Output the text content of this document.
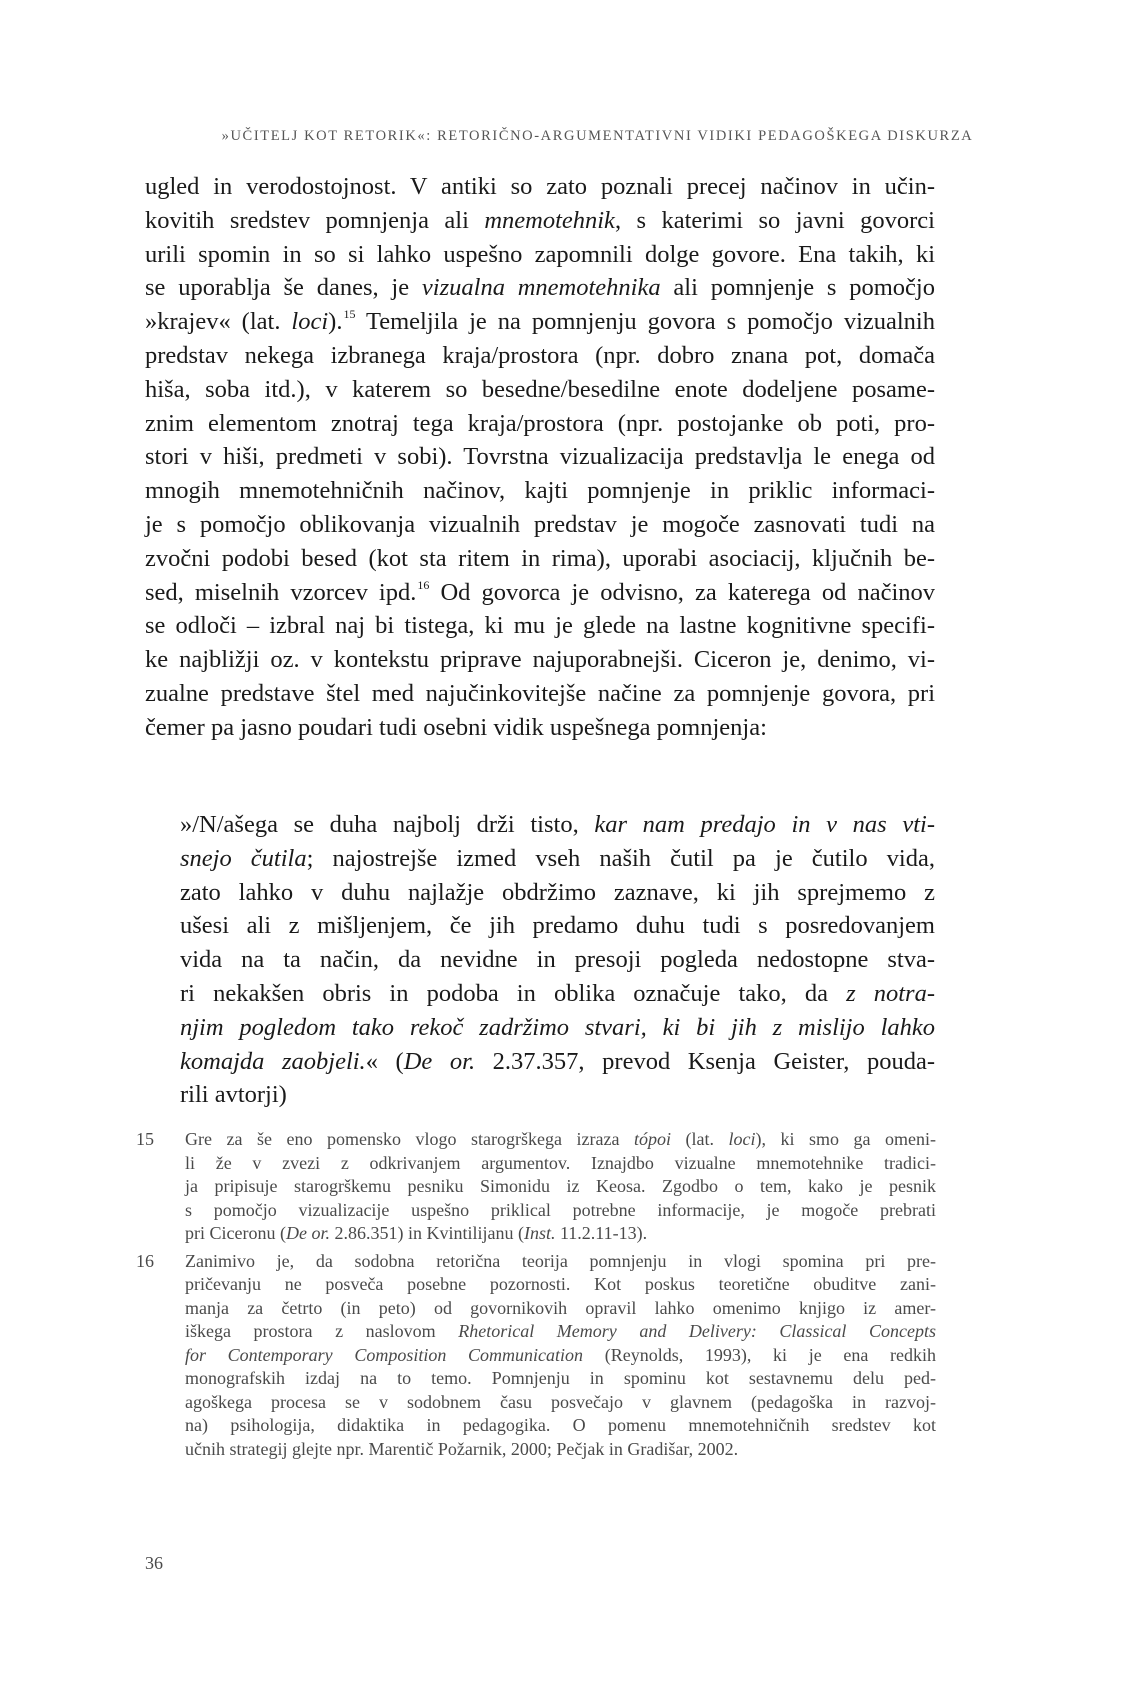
»UČITELJ KOT RETORIK«: RETORIČNO-ARGUMENTATIVNI VIDIKI PEDAGOŠKEGA DISKURZA
ugled in verodostojnost. V antiki so zato poznali precej načinov in učin-
kovitih sredstev pomnjenja ali mnemotehnik, s katerimi so javni govorci
urili spomin in so si lahko uspešno zapomnili dolge govore. Ena takih, ki
se uporablja še danes, je vizualna mnemotehnika ali pomnjenje s pomočjo
»krajev« (lat. loci).$^{15}$ Temeljila je na pomnjenju govora s pomočjo vizualnih
predstav nekega izbranega kraja/prostora (npr. dobro znana pot, domača
hiša, soba itd.), v katerem so besedne/besedilne enote dodeljene posame-
znim elementom znotraj tega kraja/prostora (npr. postojanke ob poti, pro-
stori v hiši, predmeti v sobi). Tovrstna vizualizacija predstavlja le enega od
mnogih mnemotehničnih načinov, kajti pomnjenje in priklic informaci-
je s pomočjo oblikovanja vizualnih predstav je mogoče zasnovati tudi na
zvočni podobi besed (kot sta ritem in rima), uporabi asociacij, ključnih be-
sed, miselnih vzorcev ipd.$^{16}$ Od govorca je odvisno, za katerega od načinov
se odloči – izbral naj bi tistega, ki mu je glede na lastne kognitivne specifi-
ke najbližji oz. v kontekstu priprave najuporabnejši. Ciceron je, denimo, vi-
zualne predstave štel med najučinkovitejše načine za pomnjenje govora, pri
čemer pa jasno poudari tudi osebni vidik uspešnega pomnjenja:
»/N/ašega se duha najbolj drži tisto, kar nam predajo in v nas vti-
snejo čutila; najostrejše izmed vseh naših čutil pa je čutilo vida,
zato lahko v duhu najlažje obdržimo zaznave, ki jih sprejmemo z
ušesi ali z mišljenjem, če jih predamo duhu tudi s posredovanjem
vida na ta način, da nevidne in presoji pogleda nedostopne stva-
ri nekakšen obris in podoba in oblika označuje tako, da z notra-
njim pogledom tako rekoč zadržimo stvari, ki bi jih z mislijo lahko
komajda zaobjeli.« (De or. 2.37.357, prevod Ksenja Geister, pouda-
rili avtorji)
15 Gre za še eno pomensko vlogo starogrškega izraza tópoi (lat. loci), ki smo ga omeni-
li že v zvezi z odkrivanjem argumentov. Iznajdbo vizualne mnemotehnike tradici-
ja pripisuje starogrškemu pesniku Simonidu iz Keosa. Zgodbo o tem, kako je pesnik
s pomočjo vizualizacije uspešno priklical potrebne informacije, je mogoče prebrati
pri Ciceronu (De or. 2.86.351) in Kvintilijanu (Inst. 11.2.11-13).
16 Zanimivo je, da sodobna retorična teorija pomnjenju in vlogi spomina pri pre-
pričevanju ne posveča posebne pozornosti. Kot poskus teoretične obuditve zani-
manja za četrto (in peto) od govornikovih opravil lahko omenimo knjigo iz amer-
iškega prostora z naslovom Rhetorical Memory and Delivery: Classical Concepts
for Contemporary Composition Communication (Reynolds, 1993), ki je ena redkih
monografskih izdaj na to temo. Pomnjenju in spominu kot sestavnemu delu ped-
agoškega procesa se v sodobnem času posvečajo v glavnem (pedagoška in razvoj-
na) psihologija, didaktika in pedagogika. O pomenu mnemotehničnih sredstev kot
učnih strategij glejte npr. Marentič Požarnik, 2000; Pečjak in Gradišar, 2002.
36
